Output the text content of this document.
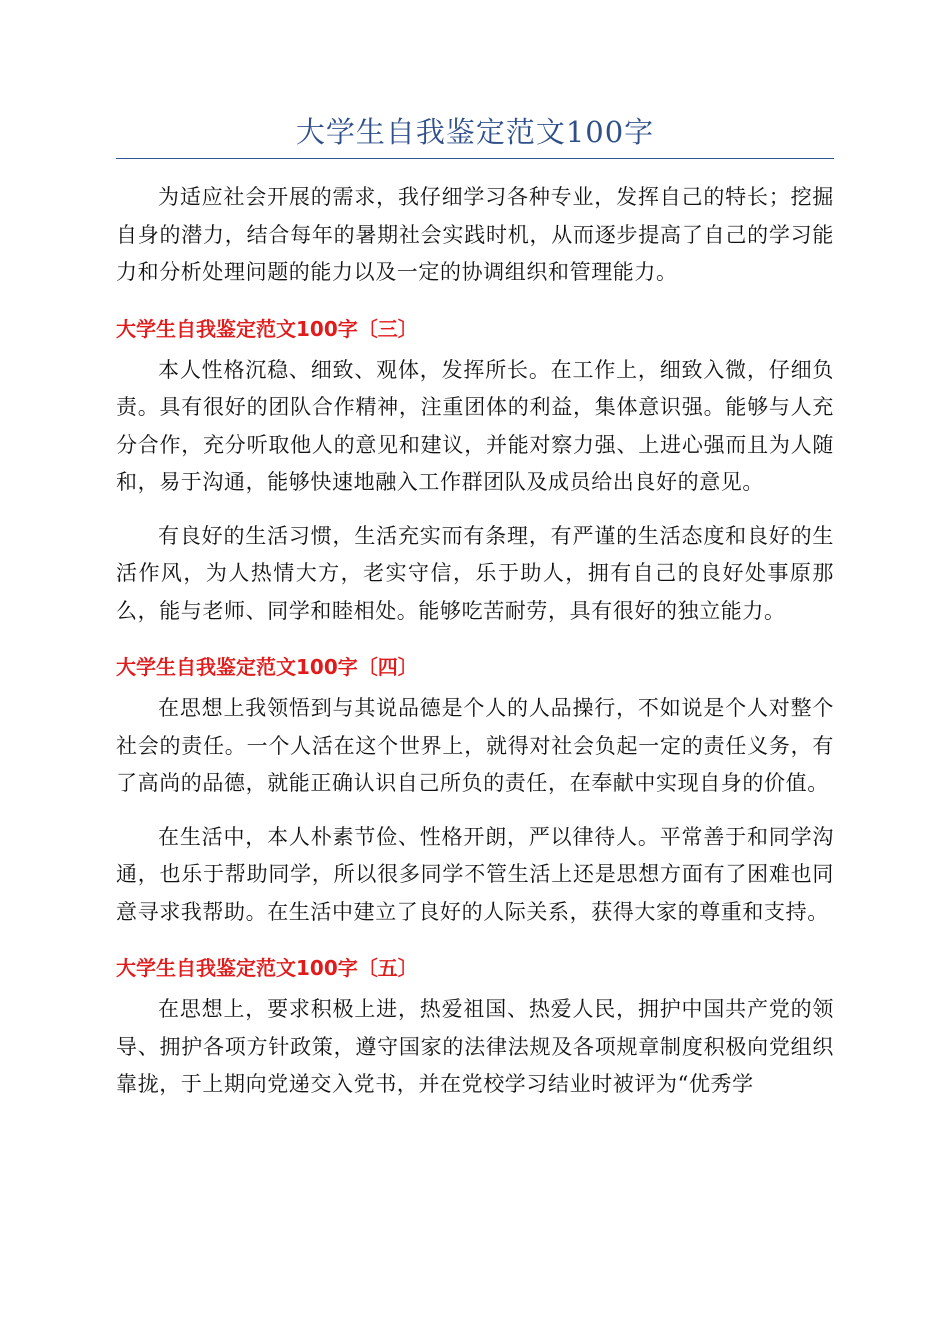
大学生自我鉴定范文100字

为适应社会开展的需求，我仔细学习各种专业，发挥自己的特长；挖掘自身的潜力，结合每年的暑期社会实践时机，从而逐步提高了自己的学习能力和分析处理问题的能力以及一定的协调组织和管理能力。

大学生自我鉴定范文100字〔三〕

本人性格沉稳、细致、观体，发挥所长。在工作上，细致入微，仔细负责。具有很好的团队合作精神，注重团体的利益，集体意识强。能够与人充分合作，充分听取他人的意见和建议，并能对察力强、上进心强而且为人随和，易于沟通，能够快速地融入工作群团队及成员给出良好的意见。

有良好的生活习惯，生活充实而有条理，有严谨的生活态度和良好的生活作风，为人热情大方，老实守信，乐于助人，拥有自己的良好处事原那么，能与老师、同学和睦相处。能够吃苦耐劳，具有很好的独立能力。

大学生自我鉴定范文100字〔四〕

在思想上我领悟到与其说品德是个人的人品操行，不如说是个人对整个社会的责任。一个人活在这个世界上，就得对社会负起一定的责任义务，有了高尚的品德，就能正确认识自己所负的责任，在奉献中实现自身的价值。

在生活中，本人朴素节俭、性格开朗，严以律待人。平常善于和同学沟通，也乐于帮助同学，所以很多同学不管生活上还是思想方面有了困难也同意寻求我帮助。在生活中建立了良好的人际关系，获得大家的尊重和支持。

大学生自我鉴定范文100字〔五〕

在思想上，要求积极上进，热爱祖国、热爱人民，拥护中国共产党的领导、拥护各项方针政策，遵守国家的法律法规及各项规章制度积极向党组织靠拢，于上期向党递交入党书，并在党校学习结业时被评为“优秀学
